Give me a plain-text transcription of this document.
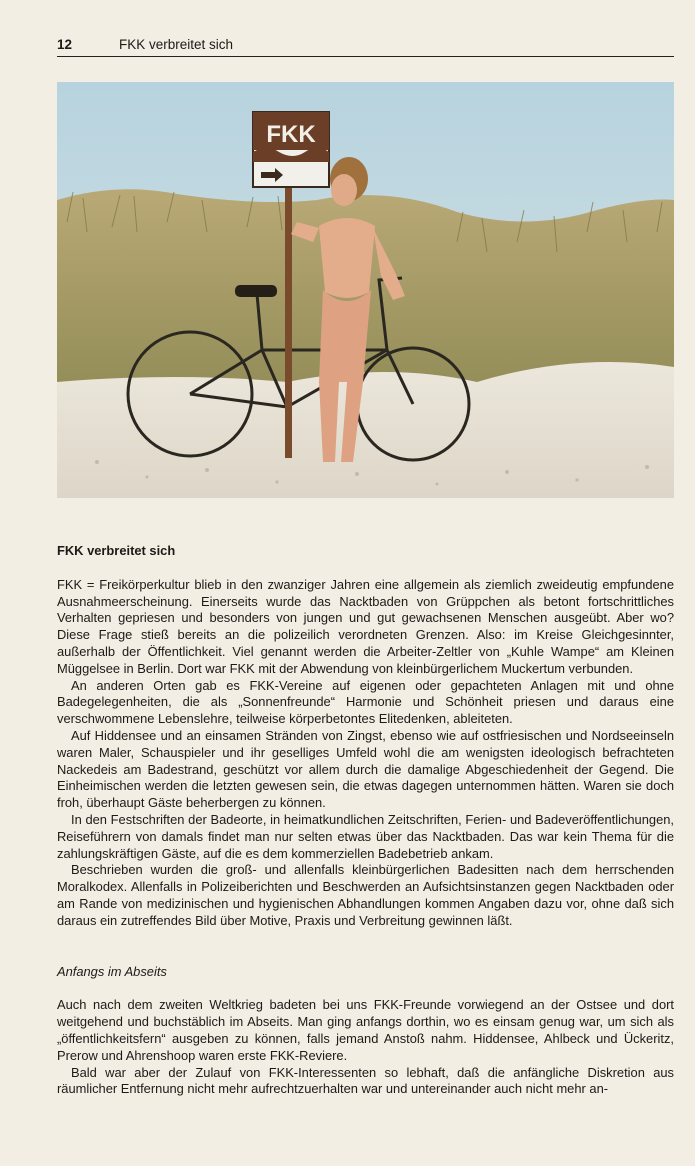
12	FKK verbreitet sich
FKK
FKK verbreitet sich

FKK = Freikörperkultur blieb in den zwanziger Jahren eine allgemein als ziemlich zweideutig empfundene Ausnahmeerscheinung. Einerseits wurde das Nacktbaden von Grüppchen als betont fortschrittliches Verhalten gepriesen und besonders von jungen und gut gewachsenen Menschen ausgeübt. Aber wo? Diese Frage stieß bereits an die polizeilich verordneten Grenzen. Also: im Kreise Gleichgesinnter, außerhalb der Öffentlichkeit. Viel genannt werden die Arbeiter-Zeltler von „Kuhle Wampe“ am Kleinen Müggelsee in Berlin. Dort war FKK mit der Abwendung von kleinbürgerlichem Muckertum verbunden.

An anderen Orten gab es FKK-Vereine auf eigenen oder gepachteten Anlagen mit und ohne Badegelegenheiten, die als „Sonnenfreunde“ Harmonie und Schönheit priesen und daraus eine verschwommene Lebenslehre, teilweise körperbetontes Elitedenken, ableiteten.

Auf Hiddensee und an einsamen Stränden von Zingst, ebenso wie auf ostfriesischen und Nordseeinseln waren Maler, Schauspieler und ihr geselliges Umfeld wohl die am wenigsten ideologisch befrachteten Nackedeis am Badestrand, geschützt vor allem durch die damalige Abgeschiedenheit der Gegend. Die Einheimischen werden die letzten gewesen sein, die etwas dagegen unternommen hätten. Waren sie doch froh, überhaupt Gäste beherbergen zu können.

In den Festschriften der Badeorte, in heimatkundlichen Zeitschriften, Ferien- und Badeveröffentlichungen, Reiseführern von damals findet man nur selten etwas über das Nacktbaden. Das war kein Thema für die zahlungskräftigen Gäste, auf die es dem kommerziellen Badebetrieb ankam.

Beschrieben wurden die groß- und allenfalls kleinbürgerlichen Badesitten nach dem herrschenden Moralkodex. Allenfalls in Polizeiberichten und Beschwerden an Aufsichtsinstanzen gegen Nacktbaden oder am Rande von medizinischen und hygienischen Abhandlungen kommen Angaben dazu vor, ohne daß sich daraus ein zutreffendes Bild über Motive, Praxis und Verbreitung gewinnen läßt.

Anfangs im Abseits

Auch nach dem zweiten Weltkrieg badeten bei uns FKK-Freunde vorwiegend an der Ostsee und dort weitgehend und buchstäblich im Abseits. Man ging anfangs dorthin, wo es einsam genug war, um sich als „öffentlichkeitsfern“ ausgeben zu können, falls jemand Anstoß nahm. Hiddensee, Ahlbeck und Ückeritz, Prerow und Ahrenshoop waren erste FKK-Reviere.

Bald war aber der Zulauf von FKK-Interessenten so lebhaft, daß die anfängliche Diskretion aus räumlicher Entfernung nicht mehr aufrechtzuerhalten war und untereinander auch nicht mehr an-
